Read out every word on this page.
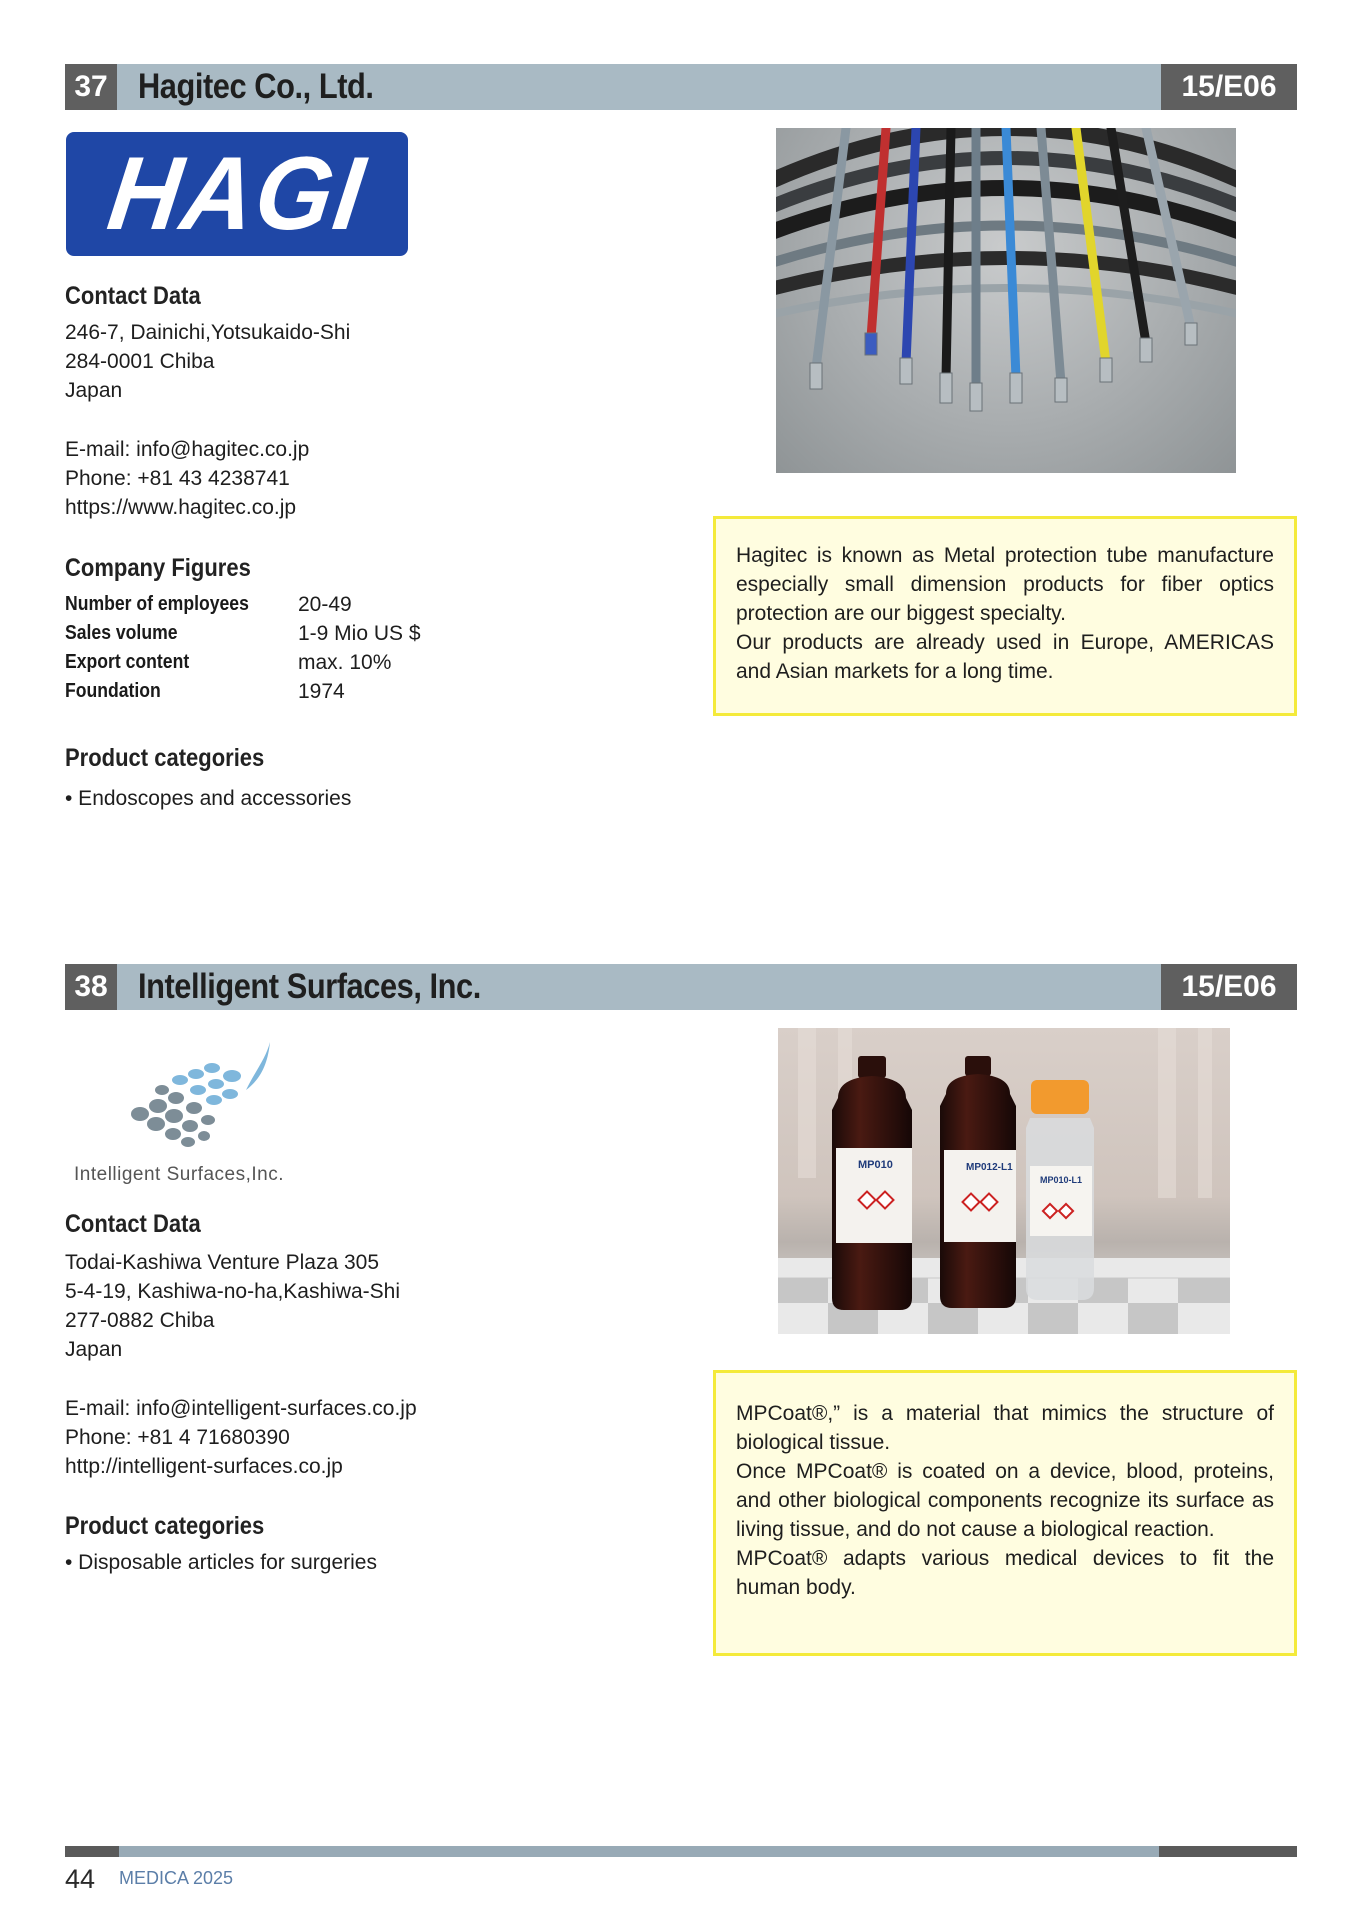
37 Hagitec Co., Ltd.	15/E06
HAGI
Contact Data
246-7, Dainichi,Yotsukaido-Shi
284-0001 Chiba
Japan
E-mail: info@hagitec.co.jp
Phone: +81 43 4238741
https://www.hagitec.co.jp
Company Figures
Number of employees 20-49
Sales volume	1-9 Mio US $
Export content	max. 10%
Foundation	1974
Product categories
• Endoscopes and accessories

Hagitec is known as Metal protection tube manufacture especially small dimension products for fiber optics protection are our biggest specialty.

Our products are already used in Europe, AMERICAS and Asian markets for a long time.

38 Intelligent Surfaces, Inc.	15/E06
Intelligent Surfaces,Inc.
Contact Data
Todai-Kashiwa Venture Plaza 305
5-4-19, Kashiwa-no-ha,Kashiwa-Shi
277-0882 Chiba
Japan
E-mail: info@intelligent-surfaces.co.jp
Phone: +81 4 71680390
http://intelligent-surfaces.co.jp
Product categories
• Disposable articles for surgeries
MP010	MP012-L1
MP010-L1

MPCoat®,” is a material that mimics the structure of biological tissue.

Once MPCoat® is coated on a device, blood, proteins, and other biological components recognize its surface as living tissue, and do not cause a biological reaction.

MPCoat® adapts various medical devices to fit the human body.

44 MEDICA 2025
